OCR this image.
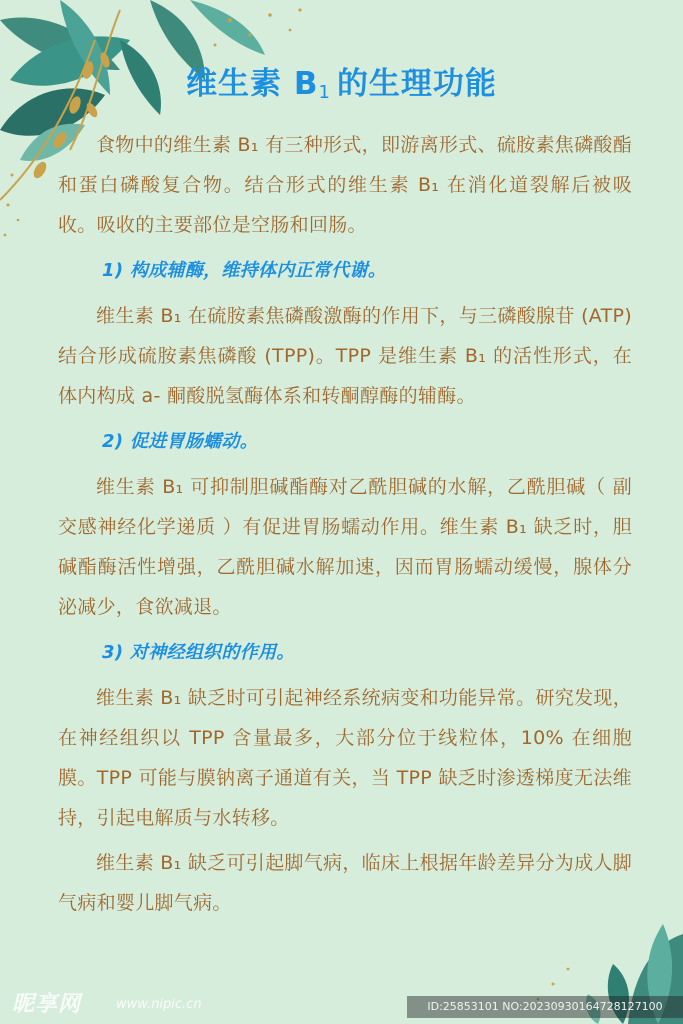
维生素 B1 的生理功能

食物中的维生素 B₁ 有三种形式，即游离形式、硫胺素焦磷酸酯和蛋白磷酸复合物。结合形式的维生素 B₁ 在消化道裂解后被吸收。吸收的主要部位是空肠和回肠。

1) 构成辅酶，维持体内正常代谢。

维生素 B₁ 在硫胺素焦磷酸激酶的作用下，与三磷酸腺苷 (ATP) 结合形成硫胺素焦磷酸 (TPP)。TPP 是维生素 B₁ 的活性形式，在体内构成 a- 酮酸脱氢酶体系和转酮醇酶的辅酶。

2) 促进胃肠蠕动。

维生素 B₁ 可抑制胆碱酯酶对乙酰胆碱的水解，乙酰胆碱（ 副交感神经化学递质 ）有促进胃肠蠕动作用。维生素 B₁ 缺乏时，胆碱酯酶活性增强，乙酰胆碱水解加速，因而胃肠蠕动缓慢，腺体分泌减少，食欲减退。

3) 对神经组织的作用。

维生素 B₁ 缺乏时可引起神经系统病变和功能异常。研究发现，在神经组织以 TPP 含量最多，大部分位于线粒体，10% 在细胞膜。TPP 可能与膜钠离子通道有关，当 TPP 缺乏时渗透梯度无法维持，引起电解质与水转移。

维生素 B₁ 缺乏可引起脚气病，临床上根据年龄差异分为成人脚气病和婴儿脚气病。

昵享网	www.nipic.cn	ID:25853101 NO:20230930164728127100
